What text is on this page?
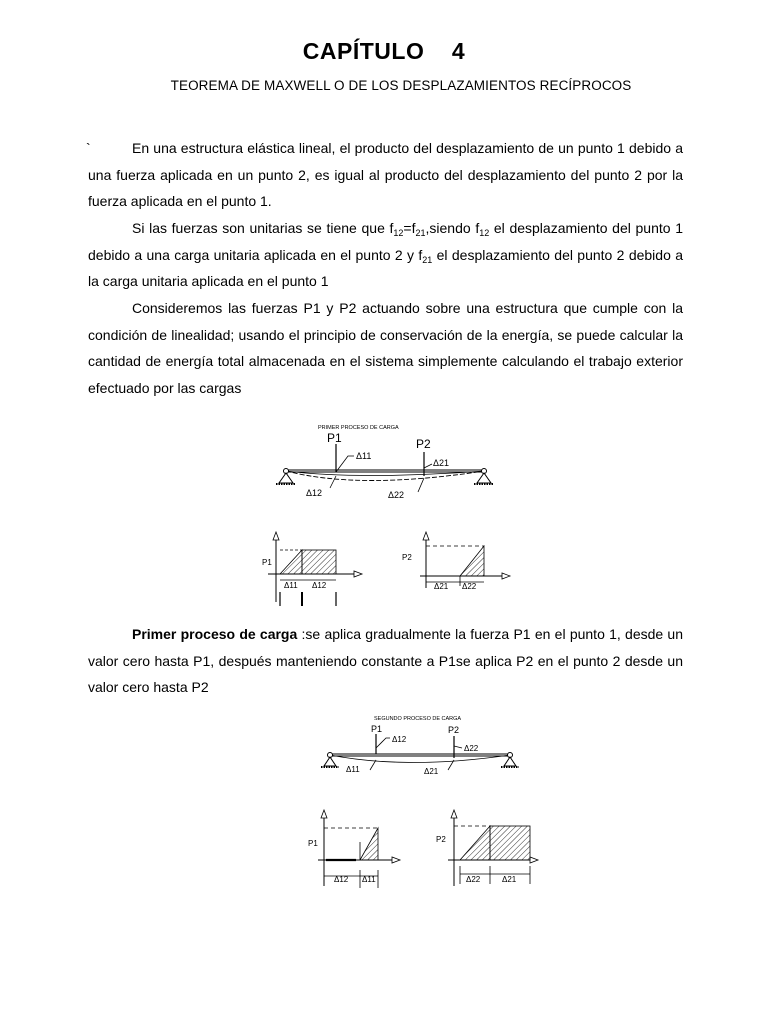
CAPÍTULO    4
TEOREMA DE MAXWELL O DE LOS DESPLAZAMIENTOS RECÍPROCOS
`	En una estructura elástica lineal, el producto del desplazamiento de un punto 1 debido a una fuerza aplicada en un punto 2, es igual al producto del desplazamiento del punto 2 por la fuerza aplicada en el punto 1.

Si las fuerzas son unitarias se tiene que $f_{12}=f_{21},siendo$ $f_{12}$ el desplazamiento del punto 1 debido a una carga unitaria aplicada en el punto 2 y $f_{21}$ el desplazamiento del punto 2 debido a la carga unitaria aplicada en el punto 1

Consideremos las fuerzas P1 y P2 actuando sobre una estructura que cumple con la condición de linealidad; usando el principio de conservación de la energía, se puede calcular la cantidad de energía total almacenada en el sistema simplemente calculando el trabajo exterior efectuado por las cargas

PRIMER PROCESO DE CARGA
P1	P2
Δ11
Δ21
Δ12	Δ22
P1
Δ11 Δ12
P2
Δ21 Δ22

Primer proceso de carga :se aplica gradualmente la fuerza P1 en el punto 1, desde un valor cero hasta P1, después manteniendo constante a P1se aplica P2 en el punto 2 desde un valor cero hasta P2

SEGUNDO PROCESO DE CARGA
P1	P2
Δ12
Δ22
Δ11	Δ21
P1
Δ12 Δ11
P2
Δ22	Δ21
